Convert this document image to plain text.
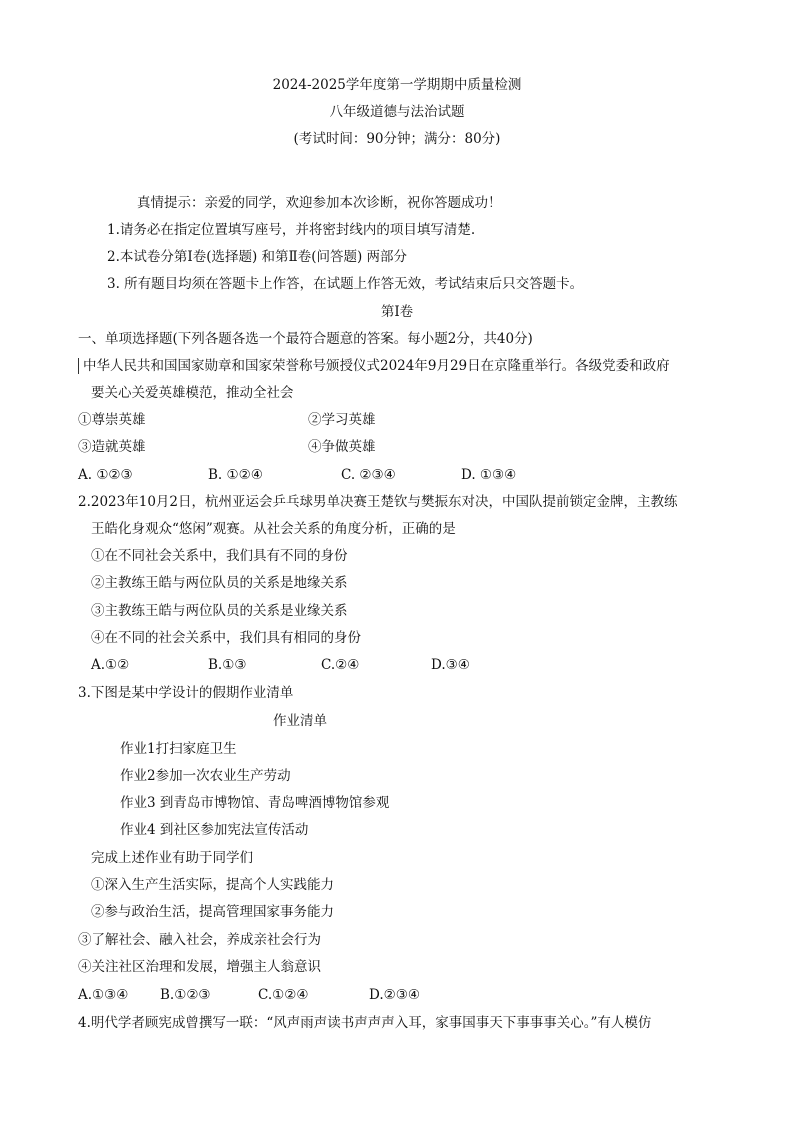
2024-2025学年度第一学期期中质量检测
八年级道德与法治试题
(考试时间：90分钟；满分：80分)
真情提示：亲爱的同学，欢迎参加本次诊断，祝你答题成功！
1.请务必在指定位置填写座号，并将密封线内的项目填写清楚.
2.本试卷分第Ⅰ卷(选择题) 和第Ⅱ卷(问答题) 两部分
3. 所有题目均须在答题卡上作答，在试题上作答无效，考试结束后只交答题卡。
第Ⅰ卷
一、单项选择题(下列各题各选一个最符合题意的答案。每小题2分，共40分)
中华人民共和国国家勋章和国家荣誉称号颁授仪式2024年9月29日在京隆重举行。各级党委和政府
要关心关爱英雄模范，推动全社会
①尊崇英雄	②学习英雄
③造就英雄	④争做英雄
A. ①②③	B. ①②④	C. ②③④	D. ①③④
2.2023年10月2日，杭州亚运会乒乓球男单决赛王楚钦与樊振东对决，中国队提前锁定金牌，主教练
王皓化身观众“悠闲”观赛。从社会关系的角度分析，正确的是
①在不同社会关系中，我们具有不同的身份
②主教练王皓与两位队员的关系是地缘关系
③主教练王皓与两位队员的关系是业缘关系
④在不同的社会关系中，我们具有相同的身份
A.①②	B.①③	C.②④	D.③④
3.下图是某中学设计的假期作业清单
作业清单
作业1打扫家庭卫生
作业2参加一次农业生产劳动
作业3 到青岛市博物馆、青岛啤酒博物馆参观
作业4 到社区参加宪法宣传活动
完成上述作业有助于同学们
①深入生产生活实际，提高个人实践能力
②参与政治生活，提高管理国家事务能力
③了解社会、融入社会，养成亲社会行为
④关注社区治理和发展，增强主人翁意识
A.①③④ B.①②③	C.①②④	D.②③④
4.明代学者顾宪成曾撰写一联：“风声雨声读书声声声入耳，家事国事天下事事事关心。”有人模仿
